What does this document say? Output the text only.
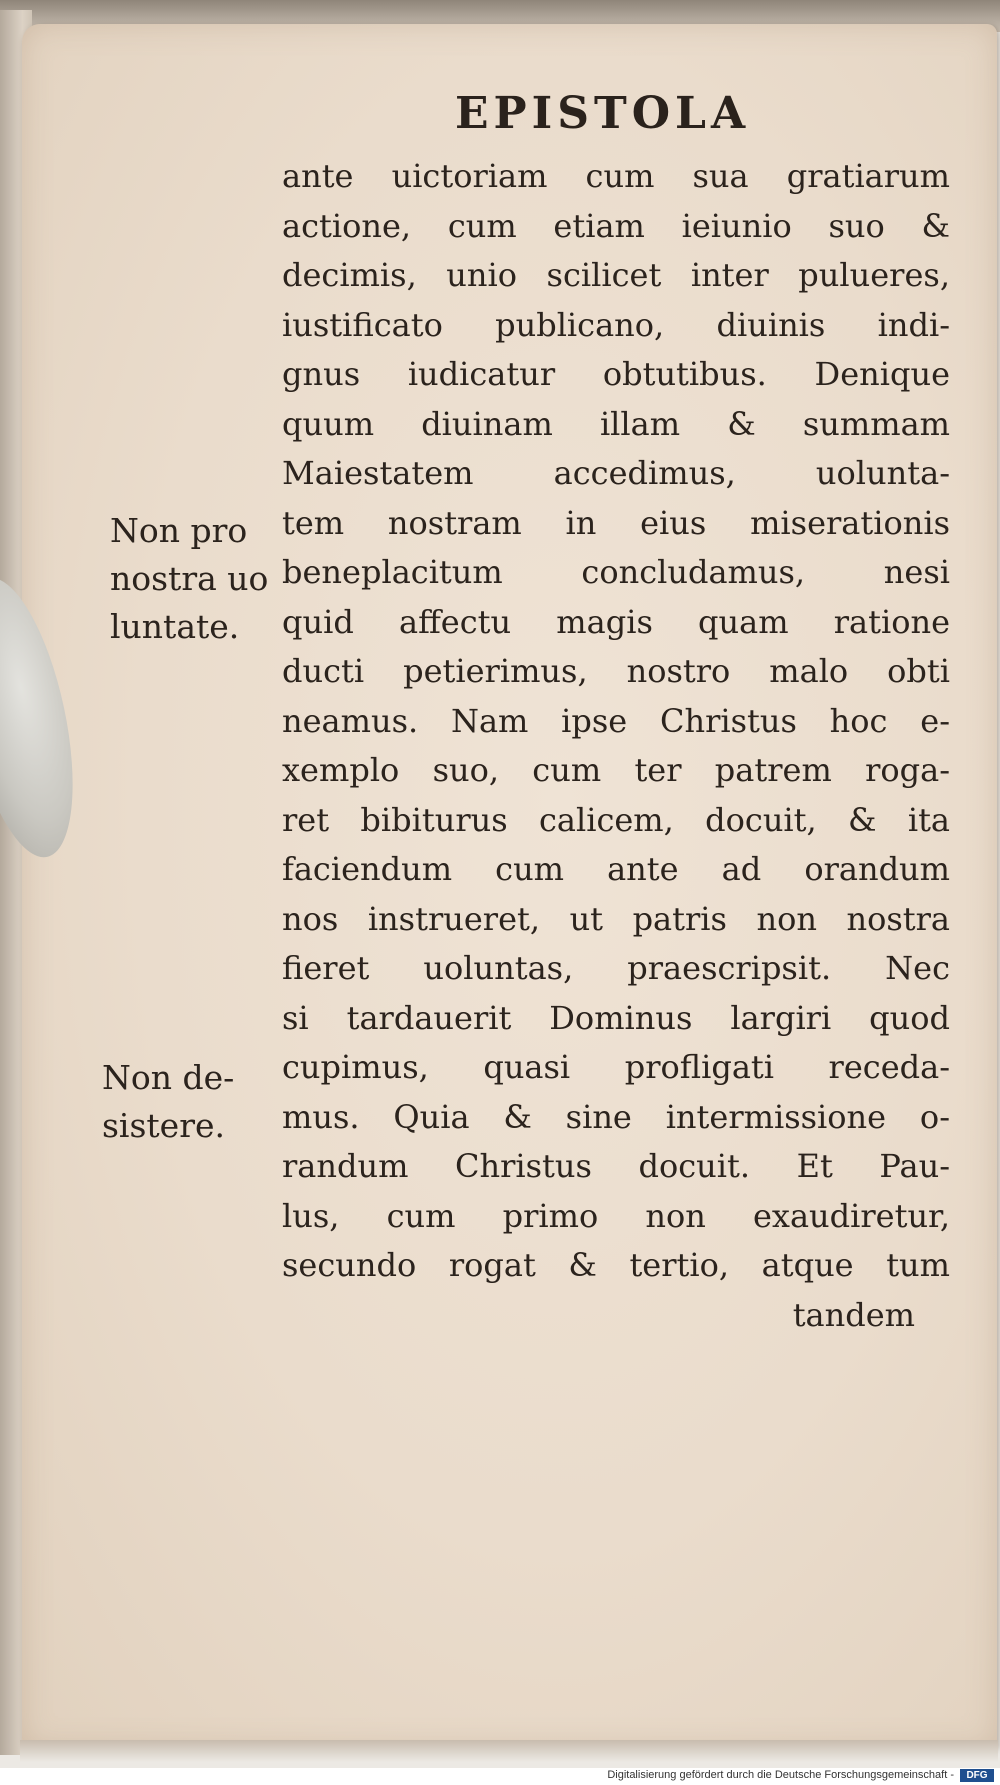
EPISTOLA
ante uictoriam cum sua gratiarum
actione, cum etiam ieiunio suo &
decimis, unio scilicet inter pulueres,
iustificato publicano, diuinis indi-
gnus iudicatur obtutibus. Denique
quum diuinam illam & summam
Maiestatem accedimus, uolunta-
tem nostram in eius miserationis
beneplacitum concludamus, nesi
quid affectu magis quam ratione
ducti petierimus, nostro malo obti
neamus. Nam ipse Christus hoc e-
xemplo suo, cum ter patrem roga-
ret bibiturus calicem, docuit, & ita
faciendum cum ante ad orandum
nos instrueret, ut patris non nostra
fieret uoluntas, praescripsit. Nec
si tardauerit Dominus largiri quod
cupimus, quasi profligati receda-
mus. Quia & sine intermissione o-
randum Christus docuit. Et Pau-
lus, cum primo non exaudiretur,
secundo rogat & tertio, atque tum
tandem
Non pro
nostra uo
luntate.
Non de-
sistere.
Digitalisierung gefördert durch die Deutsche Forschungsgemeinschaft -	DFG
